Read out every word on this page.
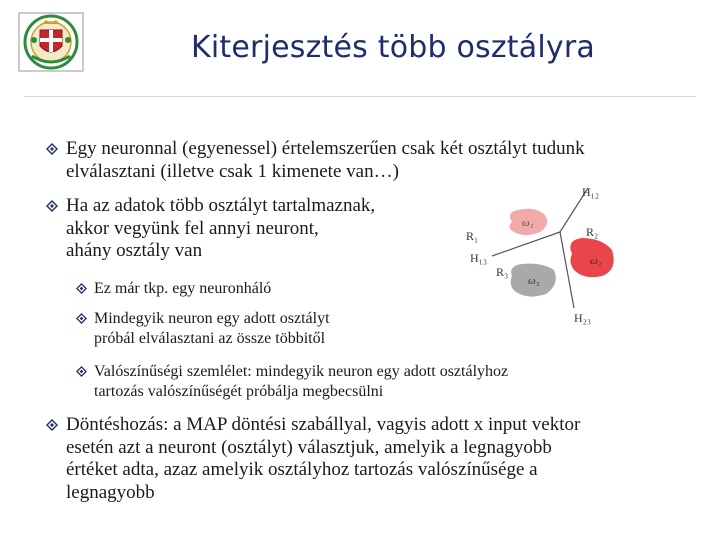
Kiterjesztés több osztályra
Egy neuronnal (egyenessel) értelemszerűen csak két osztályt tudunk
elválasztani (illetve csak 1 kimenete van…)
Ha az adatok több osztályt tartalmaznak,
akkor vegyünk fel annyi neuront,
ahány osztály van
Ez már tkp. egy neuronháló
Mindegyik neuron egy adott osztályt
próbál elválasztani az össze többitől
Valószínűségi szemlélet: mindegyik neuron egy adott osztályhoz
tartozás valószínűségét próbálja megbecsülni
Döntéshozás: a MAP döntési szabállyal, vagyis adott x input vektor
esetén azt a neuront (osztályt) választjuk, amelyik a legnagyobb
értéket adta, azaz amelyik osztályhoz tartozás valószínűsége a
legnagyobb
H₁₂
H₁₃
H₂₃
R₁	R₂
R₃
ω₁
ω₂
ω₃
